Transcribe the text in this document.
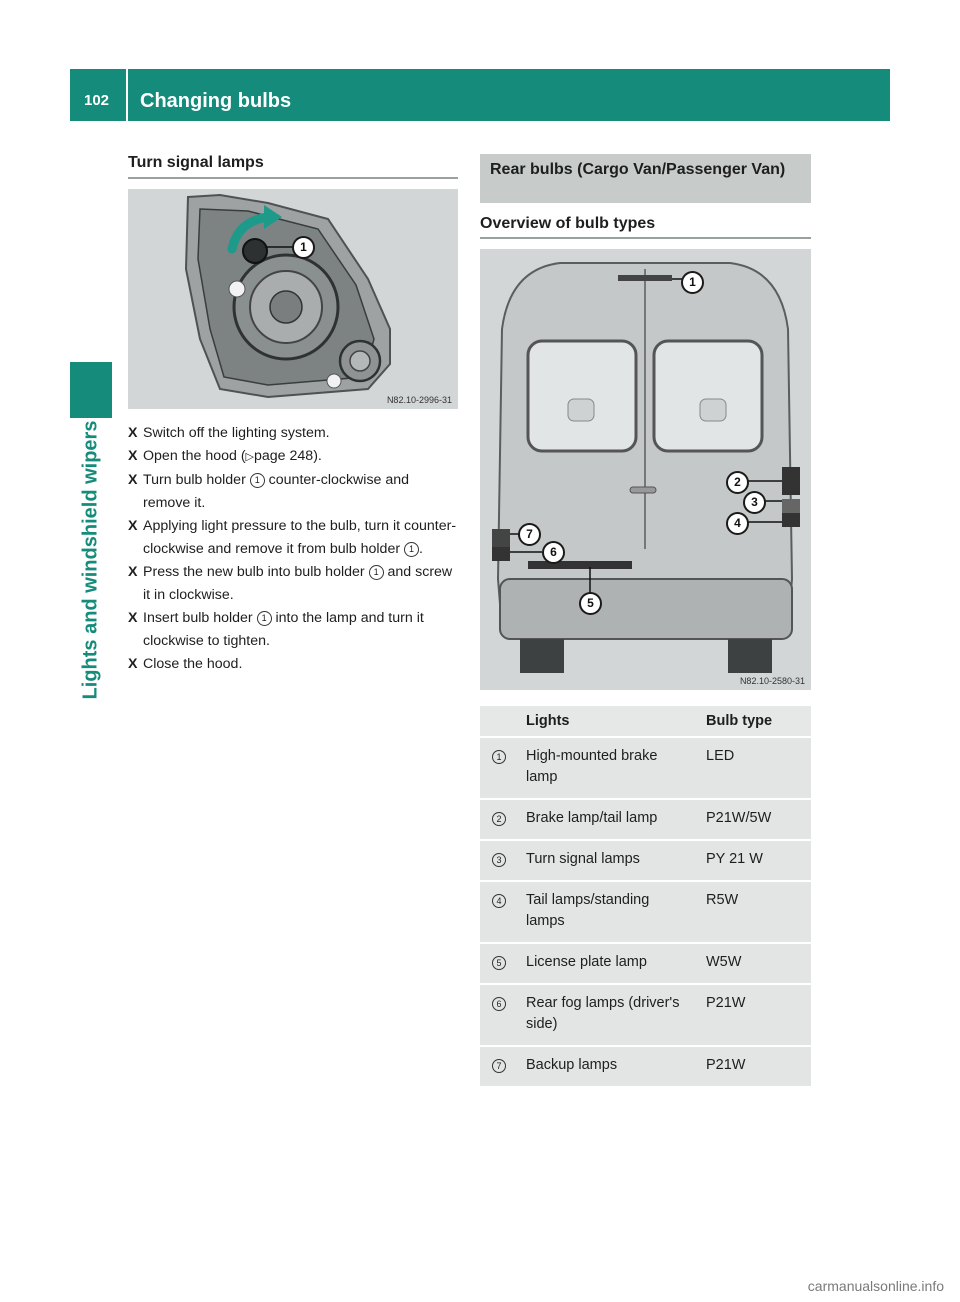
102 Changing bulbs
Lights and windshield wipers
Turn signal lamps
1
N82.10-2996-31
X Switch off the lighting system.
X Open the hood (▷page 248).
X Turn bulb holder 1 counter-clockwise and remove it.
X Applying light pressure to the bulb, turn it counter-clockwise and remove it from bulb holder 1 .
X Press the new bulb into bulb holder 1 and screw it in clockwise.
X Insert bulb holder 1 into the lamp and turn it clockwise to tighten.
X Close the hood.
Rear bulbs (Cargo Van/Passenger Van)
Overview of bulb types
1
2
3
4
5
6
7
N82.10-2580-31
	Lights	Bulb type
1	High-mounted brake lamp	LED
2	Brake lamp/tail lamp	P21W/5W
3	Turn signal lamps	PY 21 W
4	Tail lamps/standing lamps	R5W
5	License plate lamp	W5W
6	Rear fog lamps (driver's side)	P21W
7	Backup lamps	P21W
carmanualsonline.info
